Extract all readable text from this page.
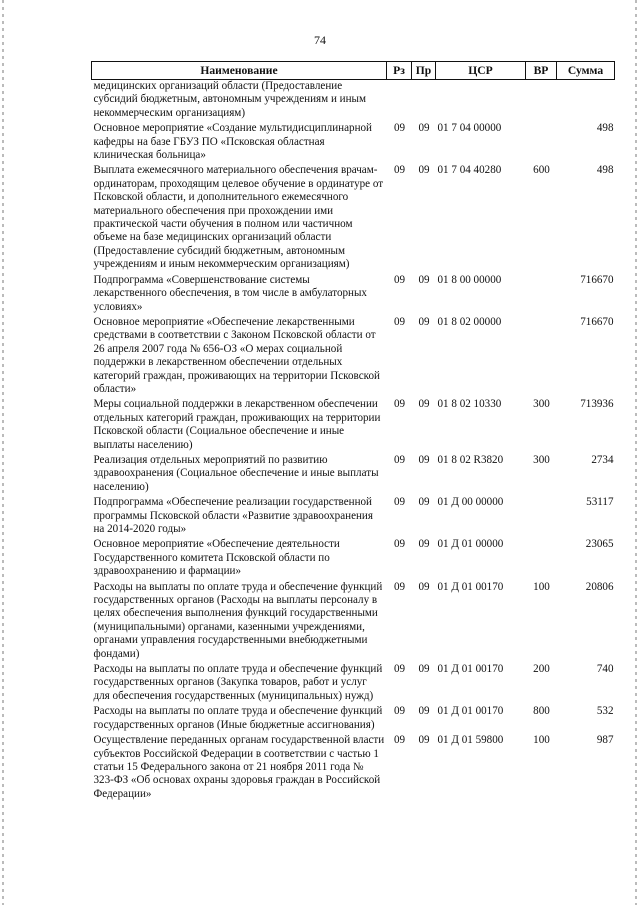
74
Наименование	Рз	Пр	ЦСР	ВР	Сумма
медицинских организаций области (Предоставление субсидий бюджетным, автономным учреждениям и иным некоммерческим организациям)					
Основное мероприятие «Создание мультидисциплинарной кафедры на базе ГБУЗ ПО «Псковская областная клиническая больница»	09	09	01 7 04 00000		498
Выплата ежемесячного материального обеспечения врачам-ординаторам, проходящим целевое обучение в ординатуре от Псковской области, и дополнительного ежемесячного материального обеспечения при прохождении ими практической части обучения в полном или частичном объеме на базе медицинских организаций области (Предоставление субсидий бюджетным, автономным учреждениям и иным некоммерческим организациям)	09	09	01 7 04 40280	600	498
Подпрограмма «Совершенствование системы лекарственного обеспечения, в том числе в амбулаторных условиях»	09	09	01 8 00 00000		716670
Основное мероприятие «Обеспечение лекарственными средствами в соответствии с Законом Псковской области от 26 апреля 2007 года № 656-ОЗ «О мерах социальной поддержки в лекарственном обеспечении отдельных категорий граждан, проживающих на территории Псковской области»	09	09	01 8 02 00000		716670
Меры социальной поддержки в лекарственном обеспечении отдельных категорий граждан, проживающих на территории Псковской области (Социальное обеспечение и иные выплаты населению)	09	09	01 8 02 10330	300	713936
Реализация отдельных мероприятий по развитию здравоохранения (Социальное обеспечение и иные выплаты населению)	09	09	01 8 02 R3820	300	2734
Подпрограмма «Обеспечение реализации государственной программы Псковской области «Развитие здравоохранения на 2014-2020 годы»	09	09	01 Д 00 00000		53117
Основное мероприятие «Обеспечение деятельности Государственного комитета Псковской области по здравоохранению и фармации»	09	09	01 Д 01 00000		23065
Расходы на выплаты по оплате труда и обеспечение функций государственных органов (Расходы на выплаты персоналу в целях обеспечения выполнения функций государственными (муниципальными) органами, казенными учреждениями, органами управления государственными внебюджетными фондами)	09	09	01 Д 01 00170	100	20806
Расходы на выплаты по оплате труда и обеспечение функций государственных органов (Закупка товаров, работ и услуг для обеспечения государственных (муниципальных) нужд)	09	09	01 Д 01 00170	200	740
Расходы на выплаты по оплате труда и обеспечение функций государственных органов (Иные бюджетные ассигнования)	09	09	01 Д 01 00170	800	532
Осуществление переданных органам государственной власти субъектов Российской Федерации в соответствии с частью 1 статьи 15 Федерального закона от 21 ноября 2011 года № 323-ФЗ «Об основах охраны здоровья граждан в Российской Федерации»	09	09	01 Д 01 59800	100	987
